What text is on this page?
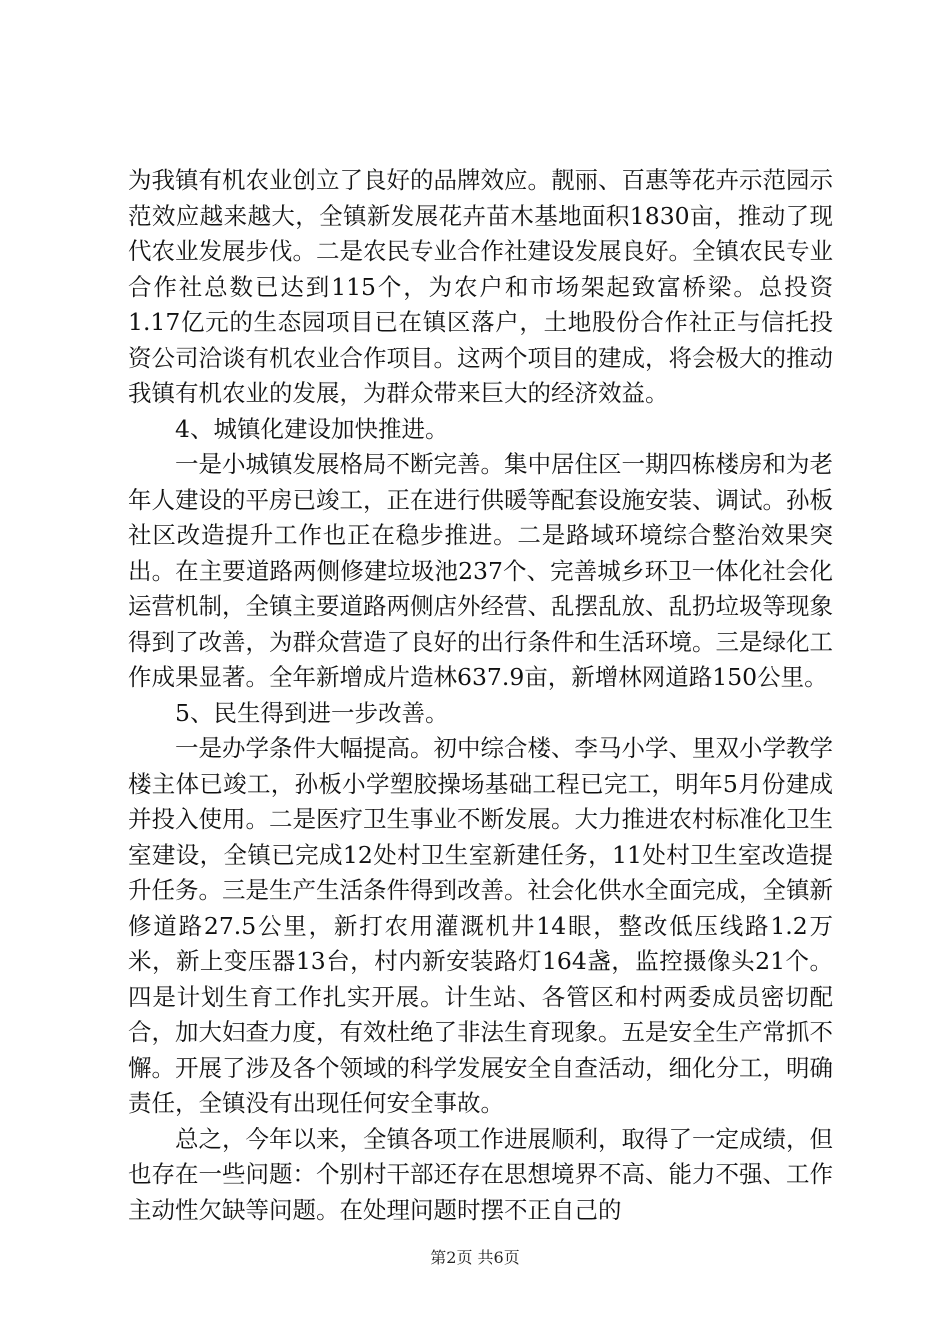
为我镇有机农业创立了良好的品牌效应。靓丽、百惠等花卉示范园示范效应越来越大，全镇新发展花卉苗木基地面积1830亩，推动了现代农业发展步伐。二是农民专业合作社建设发展良好。全镇农民专业合作社总数已达到115个，为农户和市场架起致富桥梁。总投资1.17亿元的生态园项目已在镇区落户，土地股份合作社正与信托投资公司洽谈有机农业合作项目。这两个项目的建成，将会极大的推动我镇有机农业的发展，为群众带来巨大的经济效益。

4、城镇化建设加快推进。

一是小城镇发展格局不断完善。集中居住区一期四栋楼房和为老年人建设的平房已竣工，正在进行供暖等配套设施安装、调试。孙板社区改造提升工作也正在稳步推进。二是路域环境综合整治效果突出。在主要道路两侧修建垃圾池237个、完善城乡环卫一体化社会化运营机制，全镇主要道路两侧店外经营、乱摆乱放、乱扔垃圾等现象得到了改善，为群众营造了良好的出行条件和生活环境。三是绿化工作成果显著。全年新增成片造林637.9亩，新增林网道路150公里。

5、民生得到进一步改善。

一是办学条件大幅提高。初中综合楼、李马小学、里双小学教学楼主体已竣工，孙板小学塑胶操场基础工程已完工，明年5月份建成并投入使用。二是医疗卫生事业不断发展。大力推进农村标准化卫生室建设，全镇已完成12处村卫生室新建任务，11处村卫生室改造提升任务。三是生产生活条件得到改善。社会化供水全面完成，全镇新修道路27.5公里，新打农用灌溉机井14眼，整改低压线路1.2万米，新上变压器13台，村内新安装路灯164盏，监控摄像头21个。四是计划生育工作扎实开展。计生站、各管区和村两委成员密切配合，加大妇查力度，有效杜绝了非法生育现象。五是安全生产常抓不懈。开展了涉及各个领域的科学发展安全自查活动，细化分工，明确责任，全镇没有出现任何安全事故。

总之，今年以来，全镇各项工作进展顺利，取得了一定成绩，但也存在一些问题：个别村干部还存在思想境界不高、能力不强、工作主动性欠缺等问题。在处理问题时摆不正自己的

第2页 共6页
